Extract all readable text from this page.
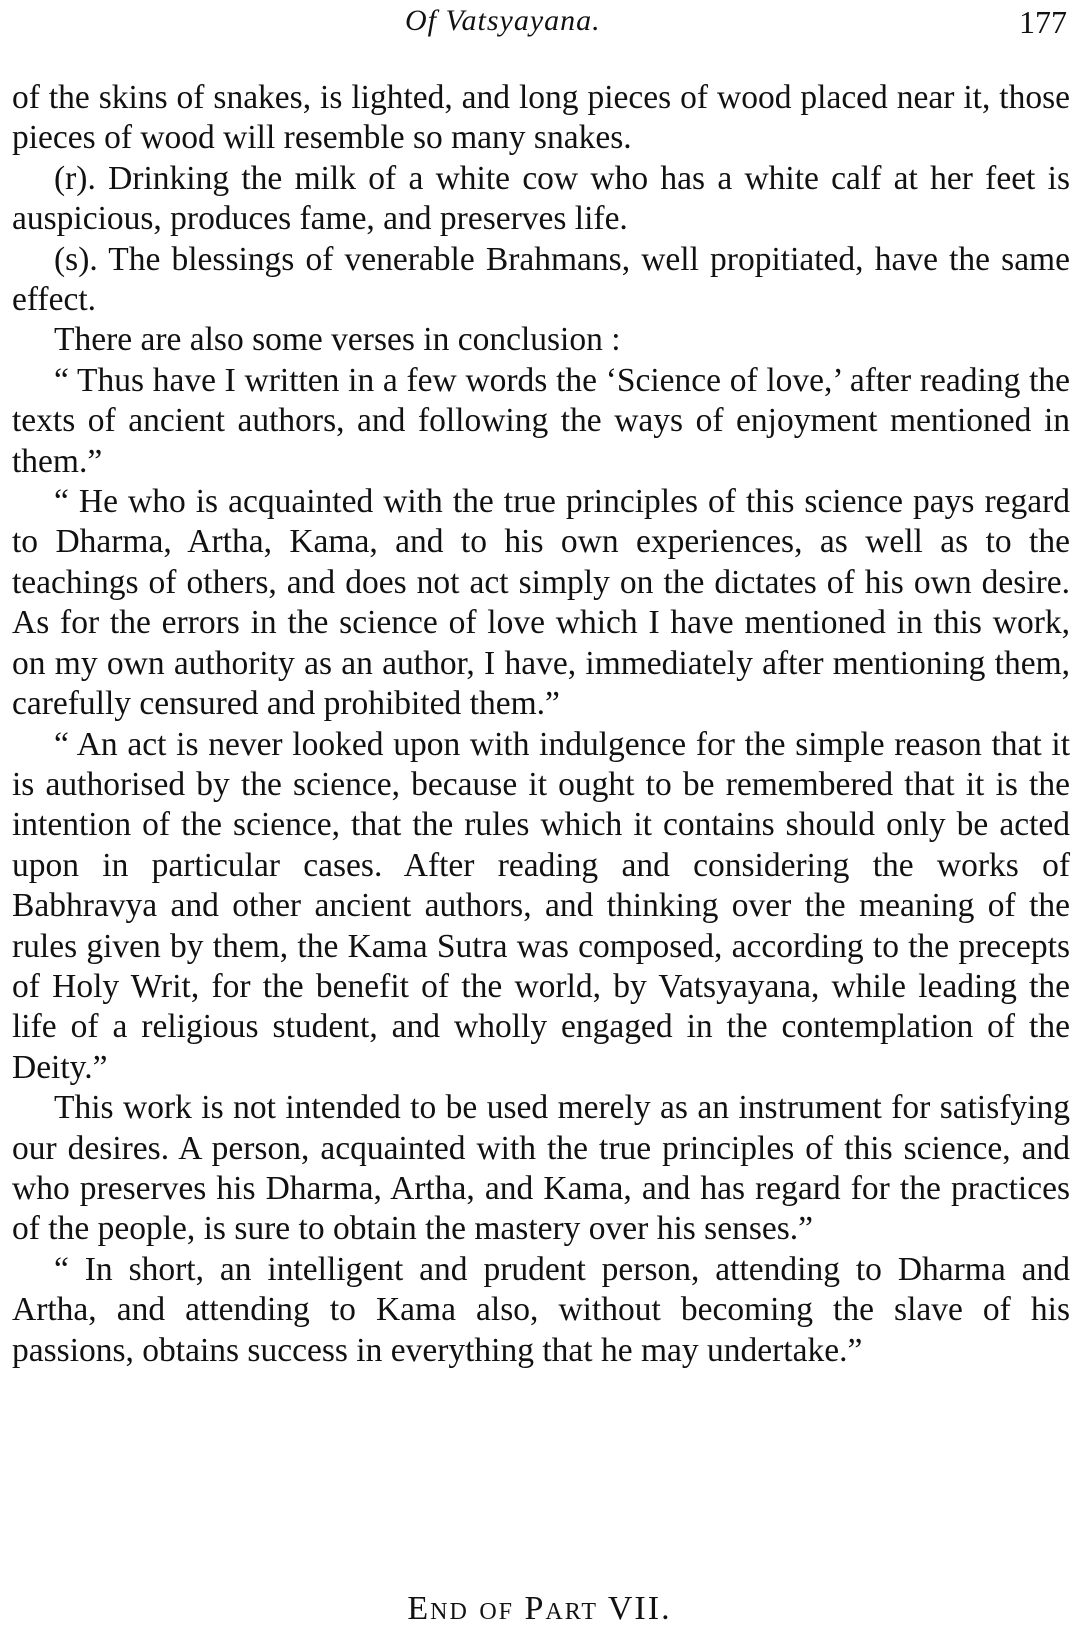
Of Vatsyayana.	177

of the skins of snakes, is lighted, and long pieces of wood placed near it, those pieces of wood will resemble so many snakes.

(r). Drinking the milk of a white cow who has a white calf at her feet is auspicious, produces fame, and preserves life.

(s). The blessings of venerable Brahmans, well propitiated, have the same effect.

There are also some verses in conclusion :

“ Thus have I written in a few words the ‘Science of love,’ after reading the texts of ancient authors, and following the ways of enjoyment mentioned in them.”

“ He who is acquainted with the true principles of this science pays regard to Dharma, Artha, Kama, and to his own experiences, as well as to the teachings of others, and does not act simply on the dictates of his own desire. As for the errors in the science of love which I have mentioned in this work, on my own authority as an author, I have, immediately after mentioning them, carefully censured and prohibited them.”

“ An act is never looked upon with indulgence for the simple reason that it is authorised by the science, because it ought to be remembered that it is the intention of the science, that the rules which it contains should only be acted upon in particular cases. After reading and considering the works of Babhravya and other ancient authors, and thinking over the meaning of the rules given by them, the Kama Sutra was composed, according to the precepts of Holy Writ, for the benefit of the world, by Vatsyayana, while leading the life of a religious student, and wholly engaged in the contemplation of the Deity.”

This work is not intended to be used merely as an instrument for satisfying our desires. A person, acquainted with the true principles of this science, and who preserves his Dharma, Artha, and Kama, and has regard for the practices of the people, is sure to obtain the mastery over his senses.”

“ In short, an intelligent and prudent person, attending to Dharma and Artha, and attending to Kama also, without becoming the slave of his passions, obtains success in everything that he may undertake.”

End of Part VII.
